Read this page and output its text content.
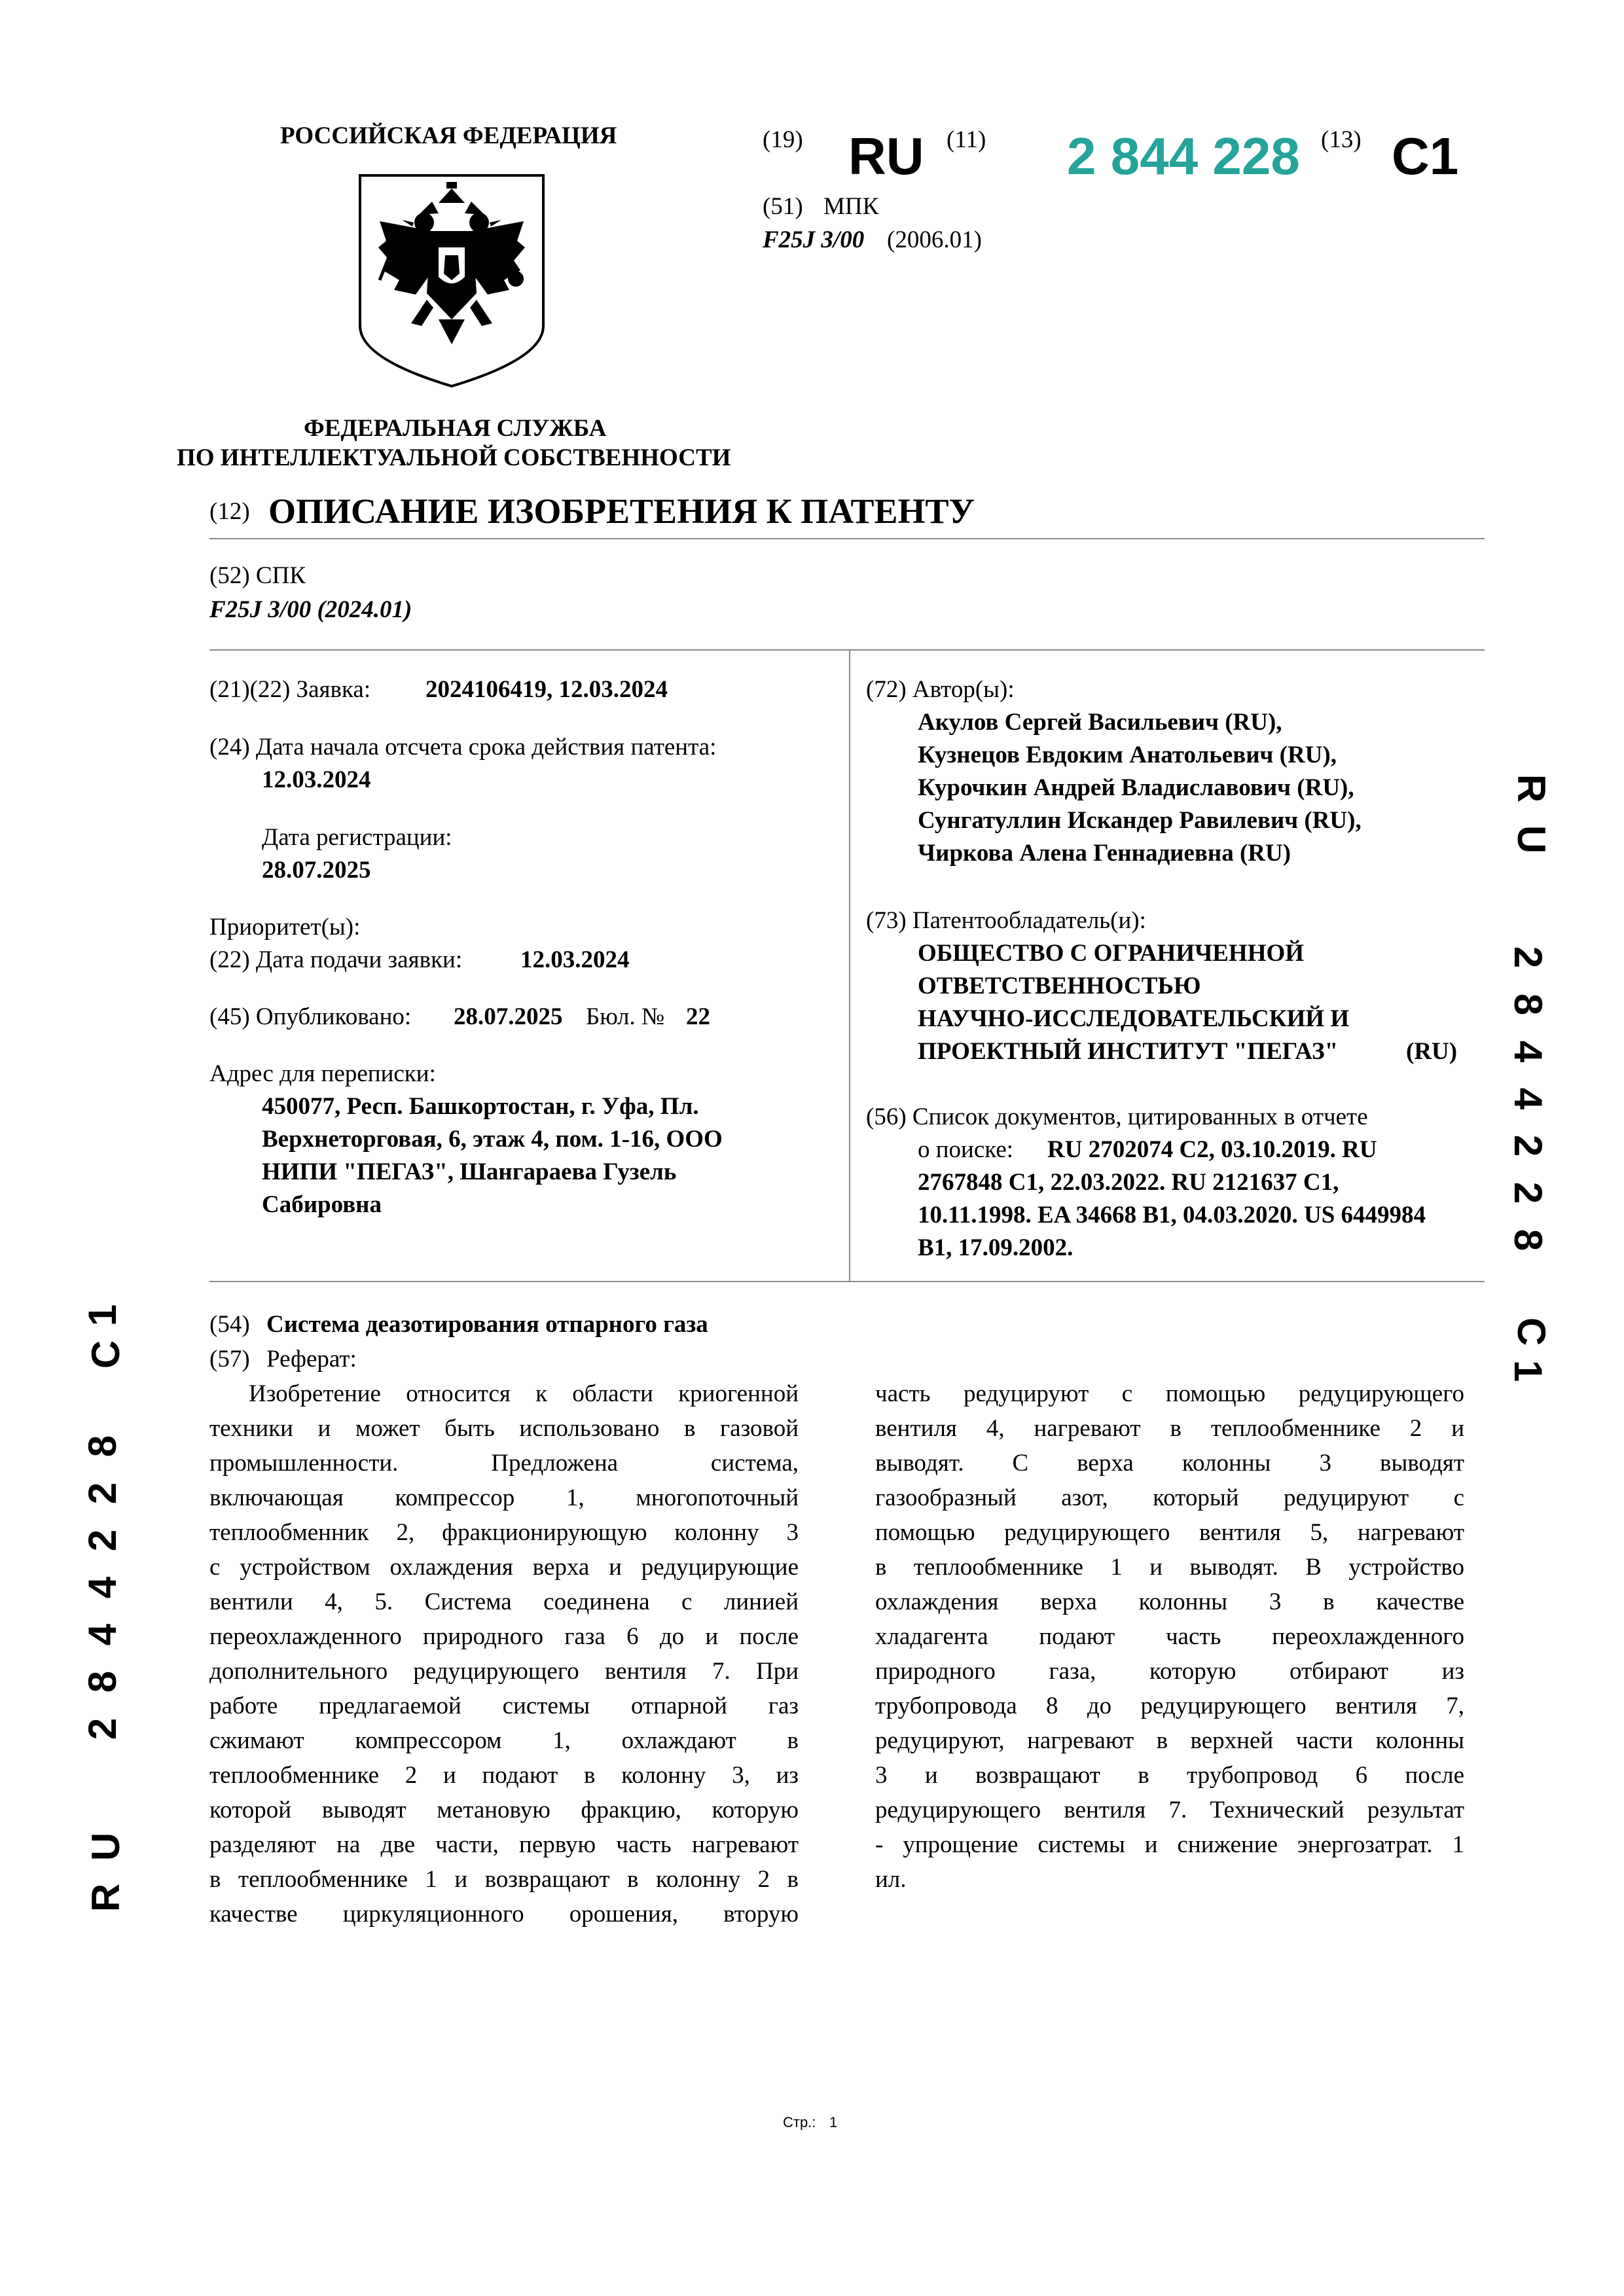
РОССИЙСКАЯ ФЕДЕРАЦИЯ
ФЕДЕРАЛЬНАЯ СЛУЖБА
ПО ИНТЕЛЛЕКТУАЛЬНОЙ СОБСТВЕННОСТИ
(19) RU (11) 2 844 228 (13) C1
(51) МПК
F25J 3/00 (2006.01)
(12) ОПИСАНИЕ ИЗОБРЕТЕНИЯ К ПАТЕНТУ
(52) СПК
F25J 3/00 (2024.01)
(21)(22) Заявка: 2024106419, 12.03.2024
(24) Дата начала отсчета срока действия патента:
12.03.2024
Дата регистрации:
28.07.2025
Приоритет(ы):
(22) Дата подачи заявки: 12.03.2024
(45) Опубликовано: 28.07.2025 Бюл. № 22
Адрес для переписки:
450077, Респ. Башкортостан, г. Уфа, Пл.
Верхнеторговая, 6, этаж 4, пом. 1-16, ООО
НИПИ "ПЕГАЗ", Шангараева Гузель
Сабировна
(72) Автор(ы):
Акулов Сергей Васильевич (RU),
Кузнецов Евдоким Анатольевич (RU),
Курочкин Андрей Владиславович (RU),
Сунгатуллин Искандер Равилевич (RU),
Чиркова Алена Геннадиевна (RU)
(73) Патентообладатель(и):
ОБЩЕСТВО С ОГРАНИЧЕННОЙ
ОТВЕТСТВЕННОСТЬЮ
НАУЧНО-ИССЛЕДОВАТЕЛЬСКИЙ И
ПРОЕКТНЫЙ ИНСТИТУТ "ПЕГАЗ"	(RU)
(56) Список документов, цитированных в отчете
о поиске: RU 2702074 C2, 03.10.2019. RU
2767848 C1, 22.03.2022. RU 2121637 C1,
10.11.1998. EA 34668 B1, 04.03.2020. US 6449984
B1, 17.09.2002.
(54) Система деазотирования отпарного газа
(57) Реферат:
Изобретение относится к области криогенной
техники и может быть использовано в газовой
промышленности. Предложена система,
включающая компрессор 1, многопоточный
теплообменник 2, фракционирующую колонну 3
с устройством охлаждения верха и редуцирующие
вентили 4, 5. Система соединена с линией
переохлажденного природного газа 6 до и после
дополнительного редуцирующего вентиля 7. При
работе предлагаемой системы отпарной газ
сжимают компрессором 1, охлаждают в
теплообменнике 2 и подают в колонну 3, из
которой выводят метановую фракцию, которую
разделяют на две части, первую часть нагревают
в теплообменнике 1 и возвращают в колонну 2 в
качестве циркуляционного орошения, вторую
часть редуцируют с помощью редуцирующего
вентиля 4, нагревают в теплообменнике 2 и
выводят. С верха колонны 3 выводят
газообразный азот, который редуцируют с
помощью редуцирующего вентиля 5, нагревают
в теплообменнике 1 и выводят. В устройство
охлаждения верха колонны 3 в качестве
хладагента подают часть переохлажденного
природного газа, которую отбирают из
трубопровода 8 до редуцирующего вентиля 7,
редуцируют, нагревают в верхней части колонны
3 и возвращают в трубопровод 6 после
редуцирующего вентиля 7. Технический результат
- упрощение системы и снижение энергозатрат. 1
ил.
R
U
2
8
4
4
2
2
8
C
1
1
C
8
2
2
4
4
8
2
U
R
Стр.: 1
